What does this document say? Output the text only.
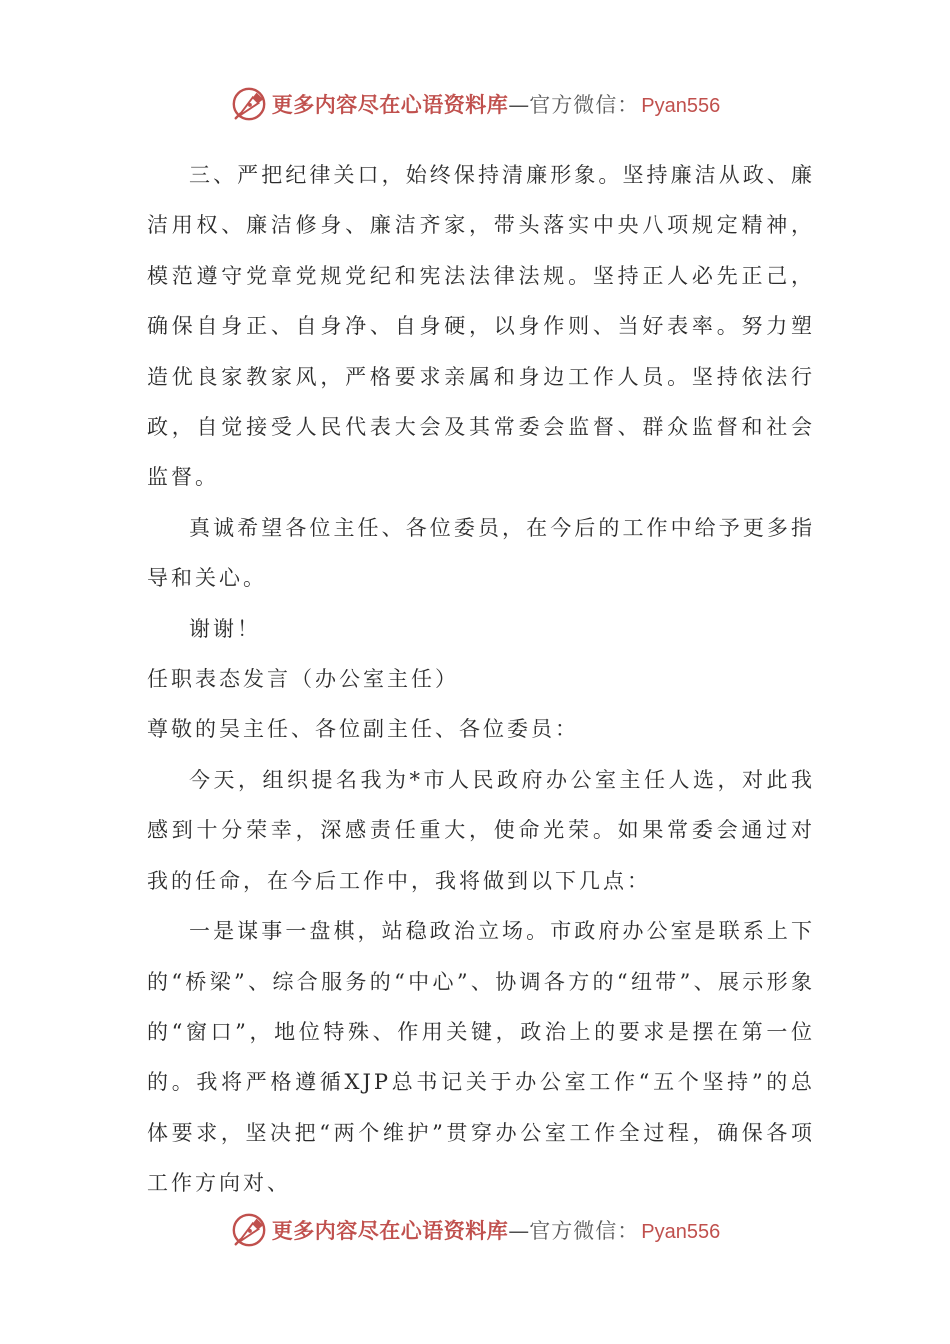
更多内容尽在心语资料库 — 官方微信： Pyan556

三、严把纪律关口，始终保持清廉形象。坚持廉洁从政、廉洁用权、廉洁修身、廉洁齐家，带头落实中央八项规定精神，模范遵守党章党规党纪和宪法法律法规。坚持正人必先正己，确保自身正、自身净、自身硬，以身作则、当好表率。努力塑造优良家教家风，严格要求亲属和身边工作人员。坚持依法行政，自觉接受人民代表大会及其常委会监督、群众监督和社会监督。

真诚希望各位主任、各位委员，在今后的工作中给予更多指导和关心。

谢谢！

任职表态发言（办公室主任）

尊敬的吴主任、各位副主任、各位委员：

今天，组织提名我为*市人民政府办公室主任人选，对此我感到十分荣幸，深感责任重大，使命光荣。如果常委会通过对我的任命，在今后工作中，我将做到以下几点：

一是谋事一盘棋，站稳政治立场。市政府办公室是联系上下的“桥梁”、综合服务的“中心”、协调各方的“纽带”、展示形象的“窗口”，地位特殊、作用关键，政治上的要求是摆在第一位的。我将严格遵循XJP总书记关于办公室工作“五个坚持”的总体要求，坚决把“两个维护”贯穿办公室工作全过程，确保各项工作方向对、

更多内容尽在心语资料库 — 官方微信： Pyan556
